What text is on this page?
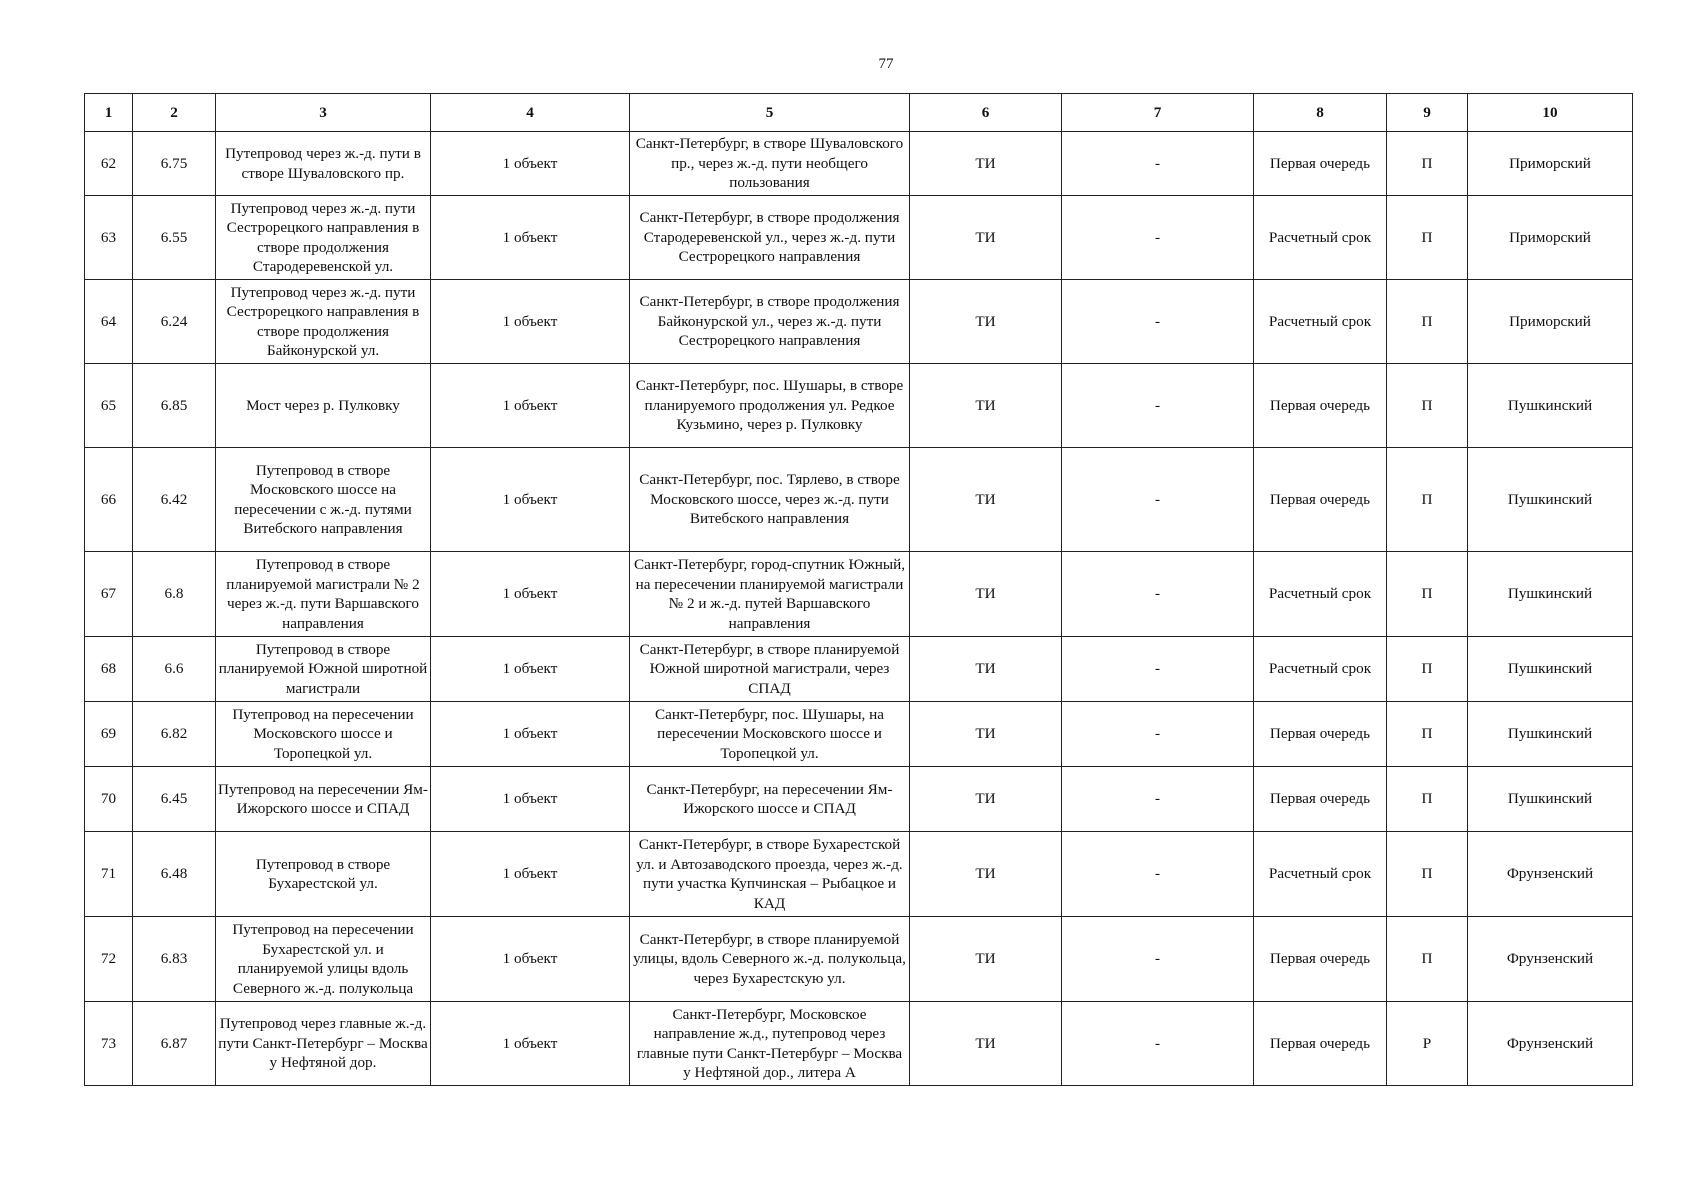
77
1	2	3	4	5	6	7	8	9	10
62	6.75	Путепровод через ж.-д. пути в створе Шуваловского пр.	1 объект	Санкт-Петербург, в створе Шуваловского пр., через ж.-д. пути необщего пользования	ТИ	-	Первая очередь	П	Приморский
63	6.55	Путепровод через ж.-д. пути Сестрорецкого направления в створе продолжения Стародеревенской ул.	1 объект	Санкт-Петербург, в створе продолжения Стародеревенской ул., через ж.-д. пути Сестрорецкого направления	ТИ	-	Расчетный срок	П	Приморский
64	6.24	Путепровод через ж.-д. пути Сестрорецкого направления в створе продолжения Байконурской ул.	1 объект	Санкт-Петербург, в створе продолжения Байконурской ул., через ж.-д. пути Сестрорецкого направления	ТИ	-	Расчетный срок	П	Приморский
65	6.85	Мост через р. Пулковку	1 объект	Санкт-Петербург, пос. Шушары, в створе планируемого продолжения ул. Редкое Кузьмино, через р. Пулковку	ТИ	-	Первая очередь	П	Пушкинский
66	6.42	Путепровод в створе Московского шоссе на пересечении с ж.-д. путями Витебского направления	1 объект	Санкт-Петербург, пос. Тярлево, в створе Московского шоссе, через ж.-д. пути Витебского направления	ТИ	-	Первая очередь	П	Пушкинский
67	6.8	Путепровод в створе планируемой магистрали № 2 через ж.-д. пути Варшавского направления	1 объект	Санкт-Петербург, город-спутник Южный, на пересечении планируемой магистрали № 2 и ж.-д. путей Варшавского направления	ТИ	-	Расчетный срок	П	Пушкинский
68	6.6	Путепровод в створе планируемой Южной широтной магистрали	1 объект	Санкт-Петербург, в створе планируемой Южной широтной магистрали, через СПАД	ТИ	-	Расчетный срок	П	Пушкинский
69	6.82	Путепровод на пересечении Московского шоссе и Торопецкой ул.	1 объект	Санкт-Петербург, пос. Шушары, на пересечении Московского шоссе и Торопецкой ул.	ТИ	-	Первая очередь	П	Пушкинский
70	6.45	Путепровод на пересечении Ям-Ижорского шоссе и СПАД	1 объект	Санкт-Петербург, на пересечении Ям-Ижорского шоссе и СПАД	ТИ	-	Первая очередь	П	Пушкинский
71	6.48	Путепровод в створе Бухарестской ул.	1 объект	Санкт-Петербург, в створе Бухарестской ул. и Автозаводского проезда, через ж.-д. пути участка Купчинская – Рыбацкое и КАД	ТИ	-	Расчетный срок	П	Фрунзенский
72	6.83	Путепровод на пересечении Бухарестской ул. и планируемой улицы вдоль Северного ж.-д. полукольца	1 объект	Санкт-Петербург, в створе планируемой улицы, вдоль Северного ж.-д. полукольца, через Бухарестскую ул.	ТИ	-	Первая очередь	П	Фрунзенский
73	6.87	Путепровод через главные ж.-д. пути Санкт-Петербург – Москва у Нефтяной дор.	1 объект	Санкт-Петербург, Московское направление ж.д., путепровод через главные пути Санкт-Петербург – Москва у Нефтяной дор., литера А	ТИ	-	Первая очередь	Р	Фрунзенский
